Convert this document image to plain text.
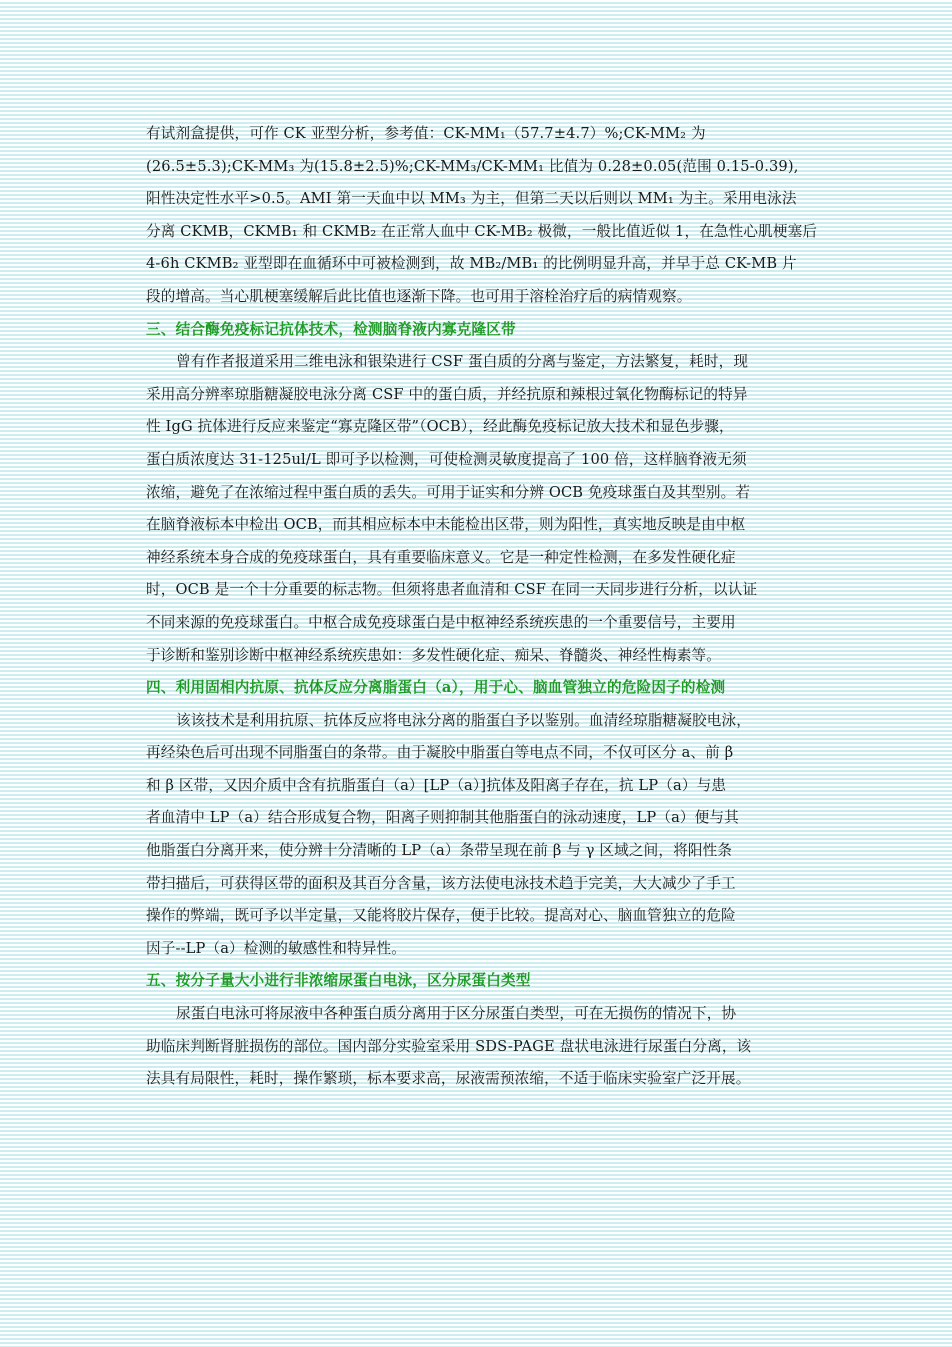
有试剂盒提供，可作 CK 亚型分析，参考值：CK-MM₁（57.7±4.7）%;CK-MM₂ 为
(26.5±5.3);CK-MM₃ 为(15.8±2.5)%;CK-MM₃/CK-MM₁ 比值为 0.28±0.05(范围 0.15-0.39),
阳性决定性水平>0.5。AMI 第一天血中以 MM₃ 为主，但第二天以后则以 MM₁ 为主。采用电泳法
分离 CKMB，CKMB₁ 和 CKMB₂ 在正常人血中 CK-MB₂ 极微，一般比值近似 1，在急性心肌梗塞后
4-6h CKMB₂ 亚型即在血循环中可被检测到，故 MB₂/MB₁ 的比例明显升高，并早于总 CK-MB 片
段的增高。当心肌梗塞缓解后此比值也逐渐下降。也可用于溶栓治疗后的病情观察。
三、结合酶免疫标记抗体技术，检测脑脊液内寡克隆区带
曾有作者报道采用二维电泳和银染进行 CSF 蛋白质的分离与鉴定，方法繁复，耗时，现
采用高分辨率琼脂糖凝胶电泳分离 CSF 中的蛋白质，并经抗原和辣根过氧化物酶标记的特异
性 IgG 抗体进行反应来鉴定“寡克隆区带”（OCB），经此酶免疫标记放大技术和显色步骤，
蛋白质浓度达 31-125ul/L 即可予以检测，可使检测灵敏度提高了 100 倍，这样脑脊液无须
浓缩，避免了在浓缩过程中蛋白质的丢失。可用于证实和分辨 OCB 免疫球蛋白及其型别。若
在脑脊液标本中检出 OCB，而其相应标本中未能检出区带，则为阳性，真实地反映是由中枢
神经系统本身合成的免疫球蛋白，具有重要临床意义。它是一种定性检测，在多发性硬化症
时，OCB 是一个十分重要的标志物。但须将患者血清和 CSF 在同一天同步进行分析，以认证
不同来源的免疫球蛋白。中枢合成免疫球蛋白是中枢神经系统疾患的一个重要信号，主要用
于诊断和鉴别诊断中枢神经系统疾患如：多发性硬化症、痴呆、脊髓炎、神经性梅素等。
四、利用固相内抗原、抗体反应分离脂蛋白（a），用于心、脑血管独立的危险因子的检测
该该技术是利用抗原、抗体反应将电泳分离的脂蛋白予以鉴别。血清经琼脂糖凝胶电泳，
再经染色后可出现不同脂蛋白的条带。由于凝胶中脂蛋白等电点不同，不仅可区分 a、前 β
和 β 区带，又因介质中含有抗脂蛋白（a）[LP（a）]抗体及阳离子存在，抗 LP（a）与患
者血清中 LP（a）结合形成复合物，阳离子则抑制其他脂蛋白的泳动速度，LP（a）便与其
他脂蛋白分离开来，使分辨十分清晰的 LP（a）条带呈现在前 β 与 γ 区域之间，将阳性条
带扫描后，可获得区带的面积及其百分含量，该方法使电泳技术趋于完美，大大减少了手工
操作的弊端，既可予以半定量，又能将胶片保存，便于比较。提高对心、脑血管独立的危险
因子--LP（a）检测的敏感性和特异性。
五、按分子量大小进行非浓缩尿蛋白电泳，区分尿蛋白类型
尿蛋白电泳可将尿液中各种蛋白质分离用于区分尿蛋白类型，可在无损伤的情况下，协
助临床判断肾脏损伤的部位。国内部分实验室采用 SDS-PAGE 盘状电泳进行尿蛋白分离，该
法具有局限性，耗时，操作繁琐，标本要求高，尿液需预浓缩，不适于临床实验室广泛开展。
